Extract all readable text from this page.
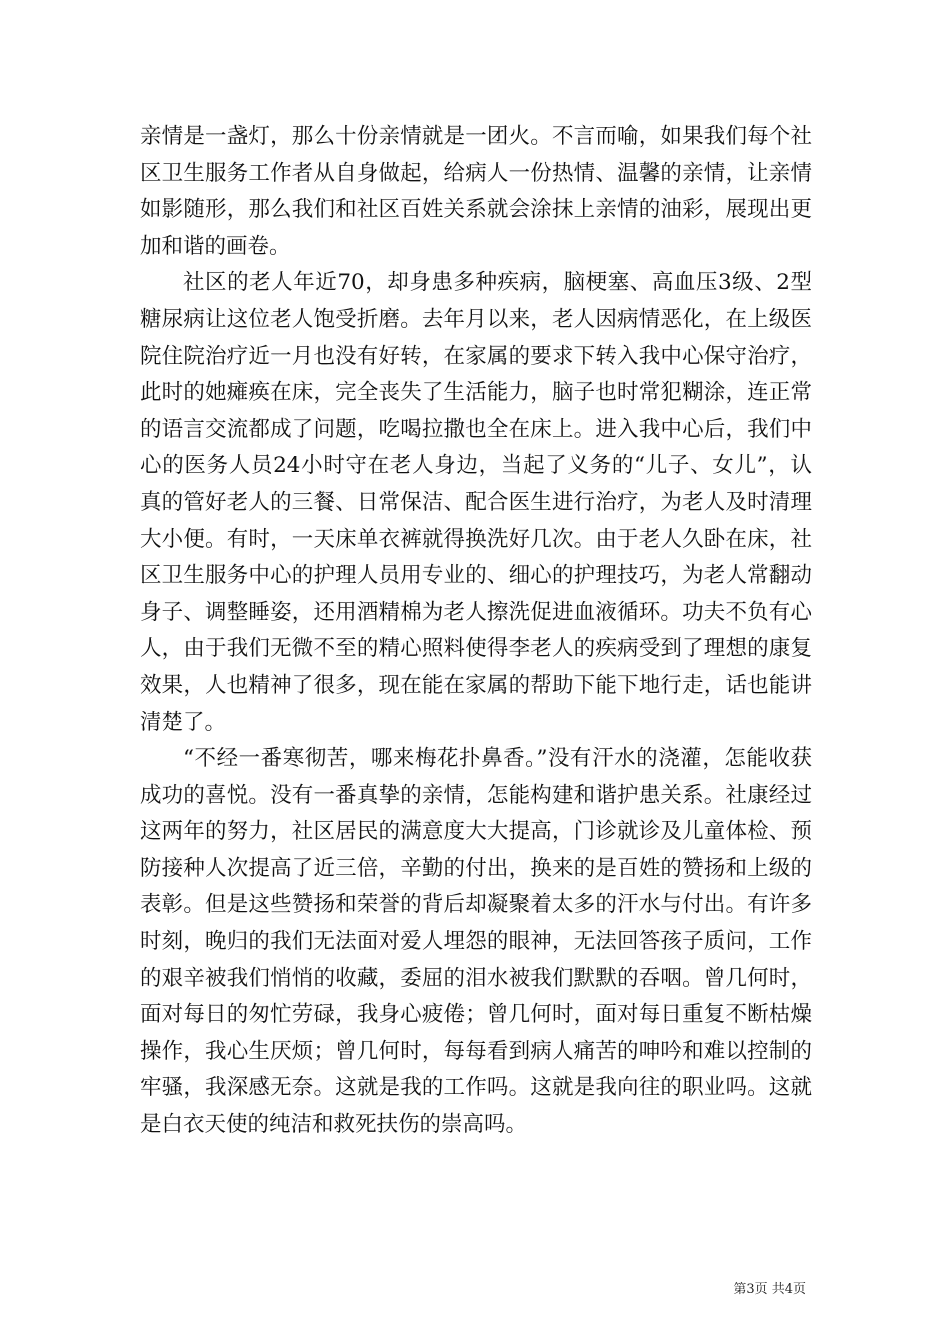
亲情是一盏灯，那么十份亲情就是一团火。不言而喻，如果我们每个社区卫生服务工作者从自身做起，给病人一份热情、温馨的亲情，让亲情如影随形，那么我们和社区百姓关系就会涂抹上亲情的油彩，展现出更加和谐的画卷。

社区的老人年近70，却身患多种疾病，脑梗塞、高血压3级、2型糖尿病让这位老人饱受折磨。去年月以来，老人因病情恶化，在上级医院住院治疗近一月也没有好转，在家属的要求下转入我中心保守治疗，此时的她瘫痪在床，完全丧失了生活能力，脑子也时常犯糊涂，连正常的语言交流都成了问题，吃喝拉撒也全在床上。进入我中心后，我们中心的医务人员24小时守在老人身边，当起了义务的“儿子、女儿”，认真的管好老人的三餐、日常保洁、配合医生进行治疗，为老人及时清理大小便。有时，一天床单衣裤就得换洗好几次。由于老人久卧在床，社区卫生服务中心的护理人员用专业的、细心的护理技巧，为老人常翻动身子、调整睡姿，还用酒精棉为老人擦洗促进血液循环。功夫不负有心人，由于我们无微不至的精心照料使得李老人的疾病受到了理想的康复效果，人也精神了很多，现在能在家属的帮助下能下地行走，话也能讲清楚了。

“不经一番寒彻苦，哪来梅花扑鼻香。”没有汗水的浇灌，怎能收获成功的喜悦。没有一番真挚的亲情，怎能构建和谐护患关系。社康经过这两年的努力，社区居民的满意度大大提高，门诊就诊及儿童体检、预防接种人次提高了近三倍，辛勤的付出，换来的是百姓的赞扬和上级的表彰。但是这些赞扬和荣誉的背后却凝聚着太多的汗水与付出。有许多时刻，晚归的我们无法面对爱人埋怨的眼神，无法回答孩子质问，工作的艰辛被我们悄悄的收藏，委屈的泪水被我们默默的吞咽。曾几何时，面对每日的匆忙劳碌，我身心疲倦；曾几何时，面对每日重复不断枯燥操作，我心生厌烦；曾几何时，每每看到病人痛苦的呻吟和难以控制的牢骚，我深感无奈。这就是我的工作吗。这就是我向往的职业吗。这就是白衣天使的纯洁和救死扶伤的崇高吗。

第3页 共4页
